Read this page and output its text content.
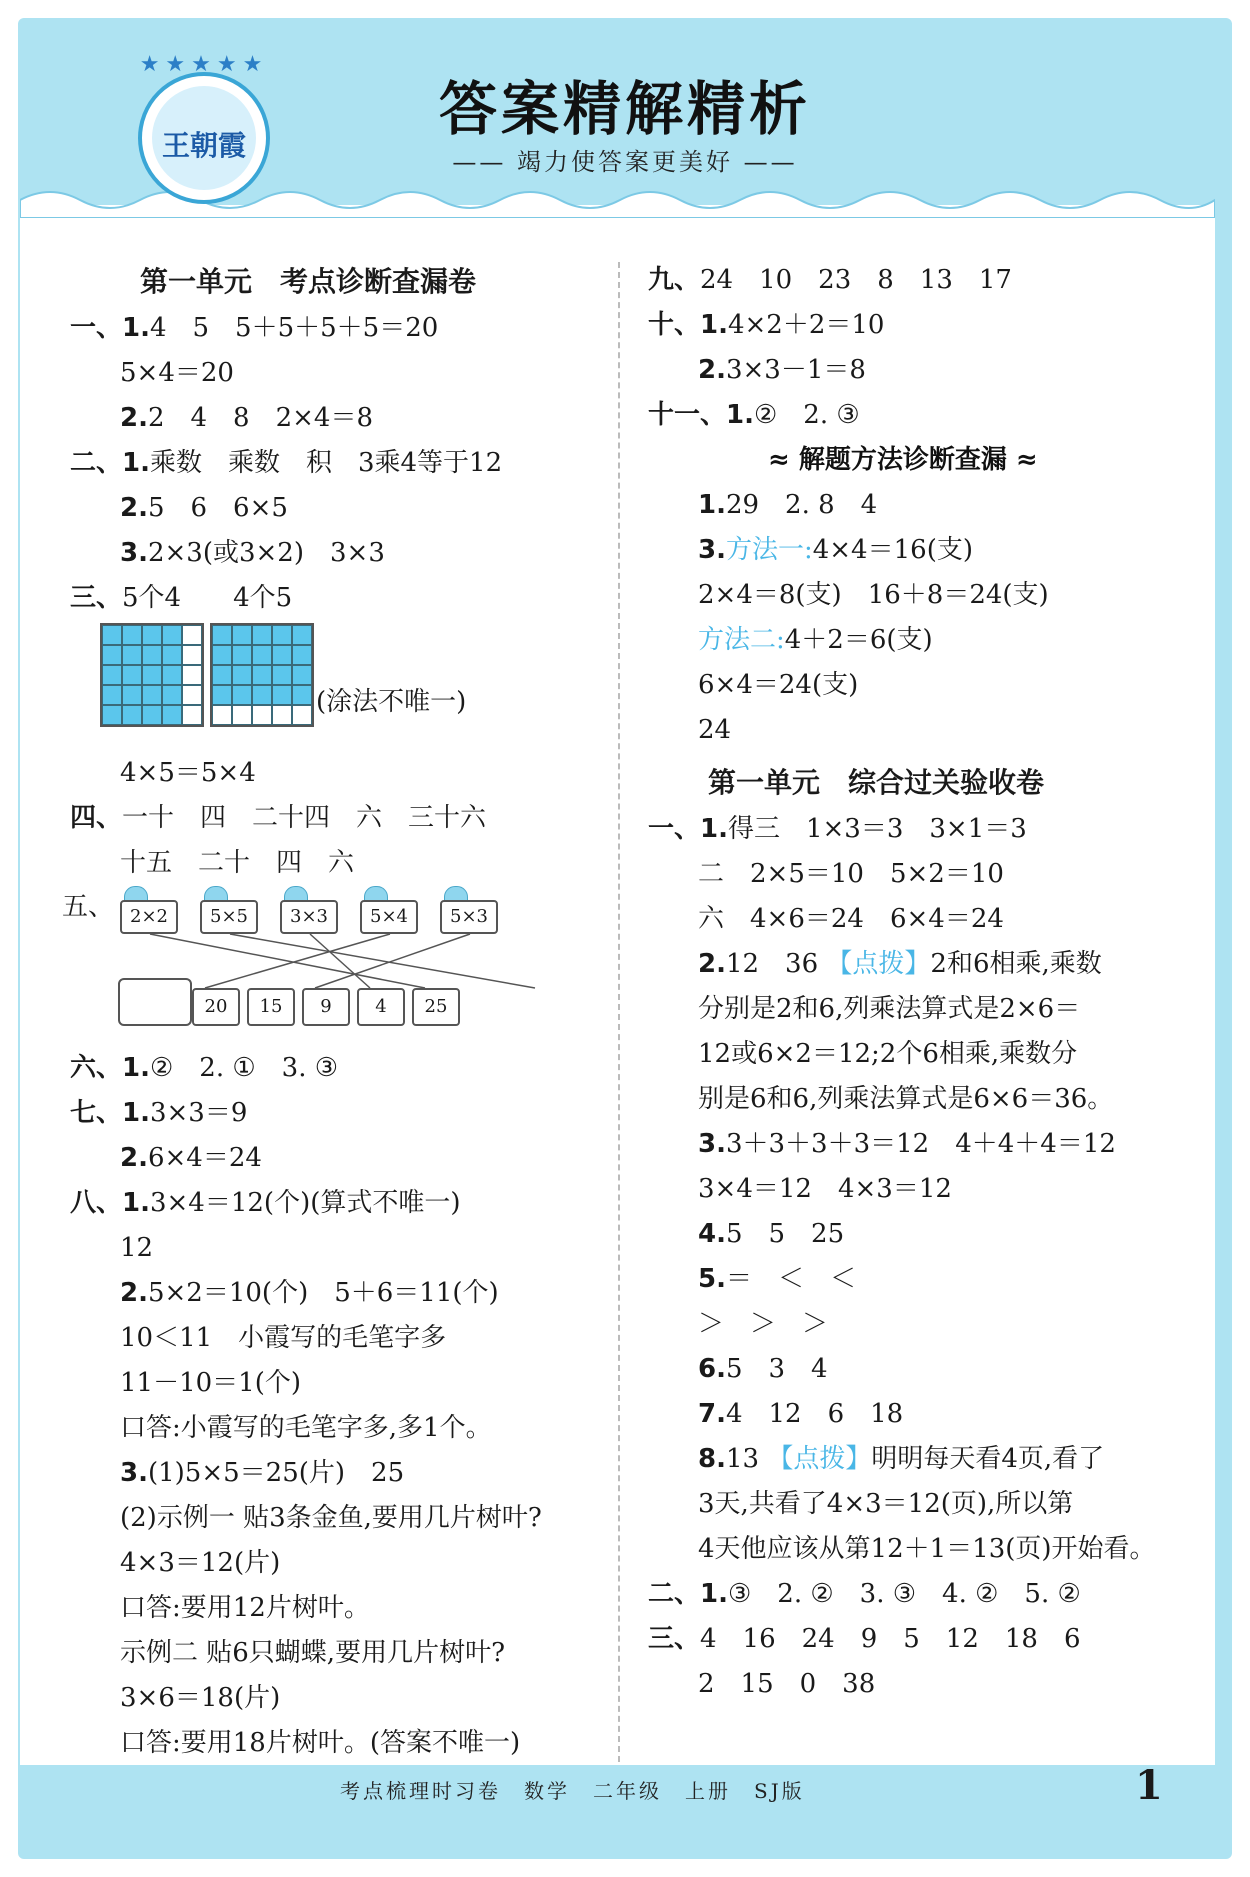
王朝霞
★★★★★
答案精解精析
—— 竭力使答案更美好 ——
第一单元　考点诊断查漏卷
一、1.4　5　5＋5＋5＋5＝20
5×4＝20
2.2　4　8　2×4＝8
二、1.乘数　乘数　积　3乘4等于12
2.5　6　6×5
3.2×3(或3×2)　3×3
三、5个4　　4个5
(涂法不唯一)
4×5＝5×4
四、一十　四　二十四　六　三十六
十五　二十　四　六
五、 2×2	5×5	3×3	5×4	5×3
20	15	9	4	25
六、1.②　2. ①　3. ③
七、1.3×3＝9
2.6×4＝24
八、1.3×4＝12(个)(算式不唯一)
12
2.5×2＝10(个)　5＋6＝11(个)
10＜11　小霞写的毛笔字多
11－10＝1(个)
口答:小霞写的毛笔字多,多1个。
3.(1)5×5＝25(片)　25
(2)示例一 贴3条金鱼,要用几片树叶?
4×3＝12(片)
口答:要用12片树叶。
示例二 贴6只蝴蝶,要用几片树叶?
3×6＝18(片)
口答:要用18片树叶。(答案不唯一)
九、24　10　23　8　13　17
十、1.4×2＋2＝10
2.3×3－1＝8
十一、1.②　2. ③
≈ 解题方法诊断查漏 ≈
1.29　2. 8　4
3.方法一:4×4＝16(支)
2×4＝8(支)　16＋8＝24(支)
方法二:4＋2＝6(支)
6×4＝24(支)
24
第一单元　综合过关验收卷
一、1.得三　1×3＝3　3×1＝3
二　2×5＝10　5×2＝10
六　4×6＝24　6×4＝24
2.12　36 【点拨】2和6相乘,乘数
分别是2和6,列乘法算式是2×6＝
12或6×2＝12;2个6相乘,乘数分
别是6和6,列乘法算式是6×6＝36。
3.3＋3＋3＋3＝12　4＋4＋4＝12
3×4＝12　4×3＝12
4.5　5　25
5.＝　＜　＜
＞　＞　＞
6.5　3　4
7.4　12　6　18
8.13 【点拨】明明每天看4页,看了
3天,共看了4×3＝12(页),所以第
4天他应该从第12＋1＝13(页)开始看。
二、1.③　2. ②　3. ③　4. ②　5. ②
三、4　16　24　9　5　12　18　6
2　15　0　38
考点梳理时习卷　数学　二年级　上册　SJ版	1
